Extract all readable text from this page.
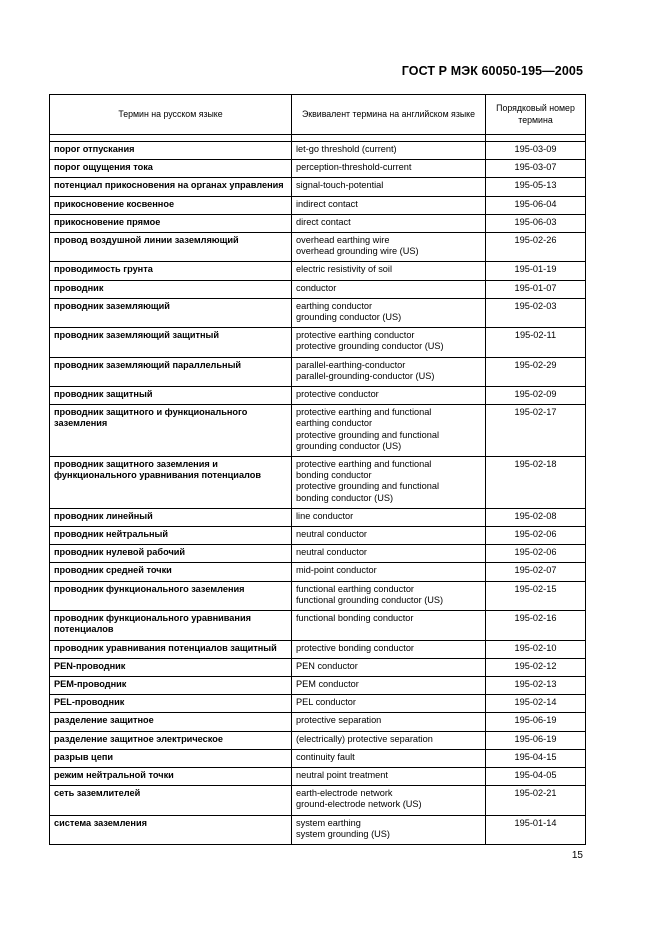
ГОСТ Р МЭК 60050-195—2005
Термин на русском языке	Эквивалент термина на английском языке	Порядковый номер термина

порог отпускания	let-go threshold (current)	195-03-09
порог ощущения тока	perception-threshold-current	195-03-07
потенциал прикосновения на органах управления	signal-touch-potential	195-05-13
прикосновение косвенное	indirect contact	195-06-04
прикосновение прямое	direct contact	195-06-03
провод воздушной линии заземляющий	overhead earthing wire
overhead grounding wire (US)	195-02-26
проводимость грунта	electric resistivity of soil	195-01-19
проводник	conductor	195-01-07
проводник заземляющий	earthing conductor
grounding conductor (US)	195-02-03
проводник заземляющий защитный	protective earthing conductor
protective grounding conductor (US)	195-02-11
проводник заземляющий параллельный	parallel-earthing-conductor
parallel-grounding-conductor (US)	195-02-29
проводник защитный	protective conductor	195-02-09
проводник защитного и функционального заземления	protective earthing and functional
earthing conductor
protective grounding and functional
grounding conductor (US)	195-02-17
проводник защитного заземления и функционального уравнивания потенциалов	protective earthing and functional
bonding conductor
protective grounding and functional
bonding conductor (US)	195-02-18
проводник линейный	line conductor	195-02-08
проводник нейтральный	neutral conductor	195-02-06
проводник нулевой рабочий	neutral conductor	195-02-06
проводник средней точки	mid-point conductor	195-02-07
проводник функционального заземления	functional earthing conductor
functional grounding conductor (US)	195-02-15
проводник функционального уравнивания потенциалов	functional bonding conductor	195-02-16
проводник уравнивания потенциалов защитный	protective bonding conductor	195-02-10
PEN-проводник	PEN conductor	195-02-12
PEM-проводник	PEM conductor	195-02-13
PEL-проводник	PEL conductor	195-02-14
разделение защитное	protective separation	195-06-19
разделение защитное электрическое	(electrically) protective separation	195-06-19
разрыв цепи	continuity fault	195-04-15
режим нейтральной точки	neutral point treatment	195-04-05
сеть заземлителей	earth-electrode network
ground-electrode network (US)	195-02-21
система заземления	system earthing
system grounding (US)	195-01-14
15
